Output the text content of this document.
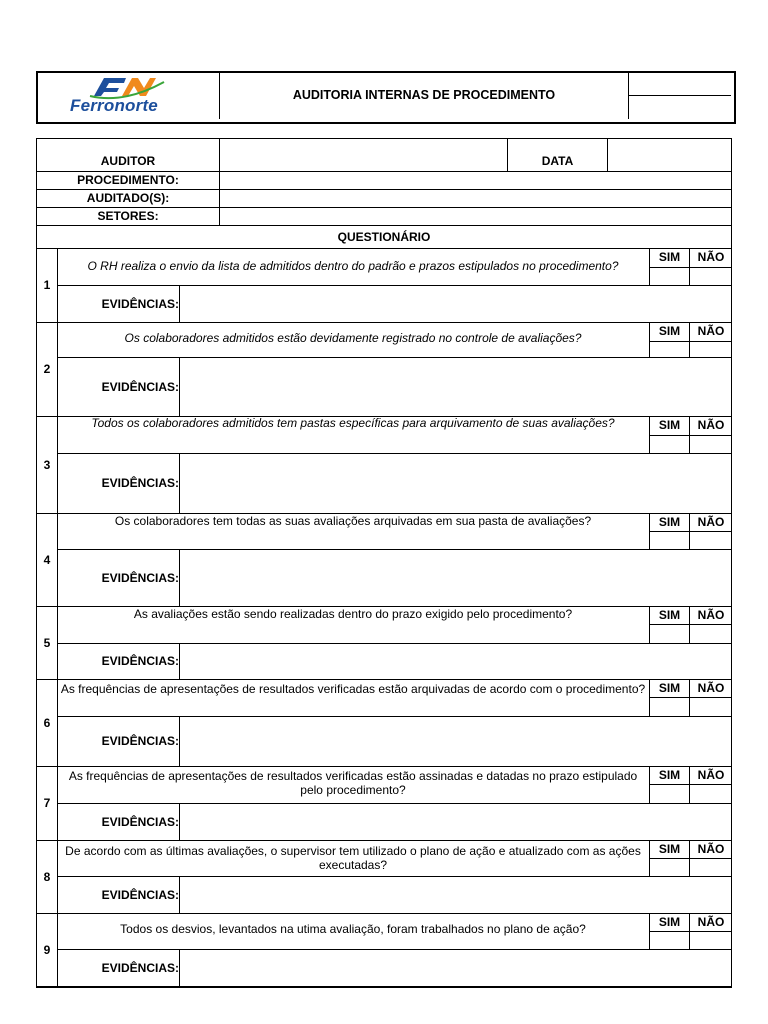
Ferronorte
AUDITORIA INTERNAS DE PROCEDIMENTO
AUDITOR	DATA
PROCEDIMENTO:
AUDITADO(S):
SETORES:
QUESTIONÁRIO
1
O RH realiza o envio da lista de admitidos dentro do padrão e prazos estipulados no procedimento?
SIM	NÃO
EVIDÊNCIAS:
2
Os colaboradores admitidos estão devidamente registrado no controle de avaliações?	SIM	NÃO
EVIDÊNCIAS:
3
Todos os colaboradores admitidos tem pastas específicas para arquivamento de suas avaliações?	SIM	NÃO
EVIDÊNCIAS:
4
Os colaboradores tem todas as suas avaliações arquivadas em sua pasta de avaliações?	SIM	NÃO
EVIDÊNCIAS:
5
As avaliações estão sendo realizadas dentro do prazo exigido pelo procedimento?	SIM	NÃO
EVIDÊNCIAS:
6
As frequências de apresentações de resultados verificadas estão arquivadas de acordo com o procedimento?	SIM	NÃO
EVIDÊNCIAS:
7
As frequências de apresentações de resultados verificadas estão assinadas e datadas no prazo estipulado pelo procedimento?
SIM	NÃO
EVIDÊNCIAS:
8
De acordo com as últimas avaliações, o supervisor tem utilizado o plano de ação e atualizado com as ações executadas?
SIM	NÃO
EVIDÊNCIAS:
9
Todos os desvios, levantados na utima avaliação, foram trabalhados no plano de ação?	SIM	NÃO
EVIDÊNCIAS:
